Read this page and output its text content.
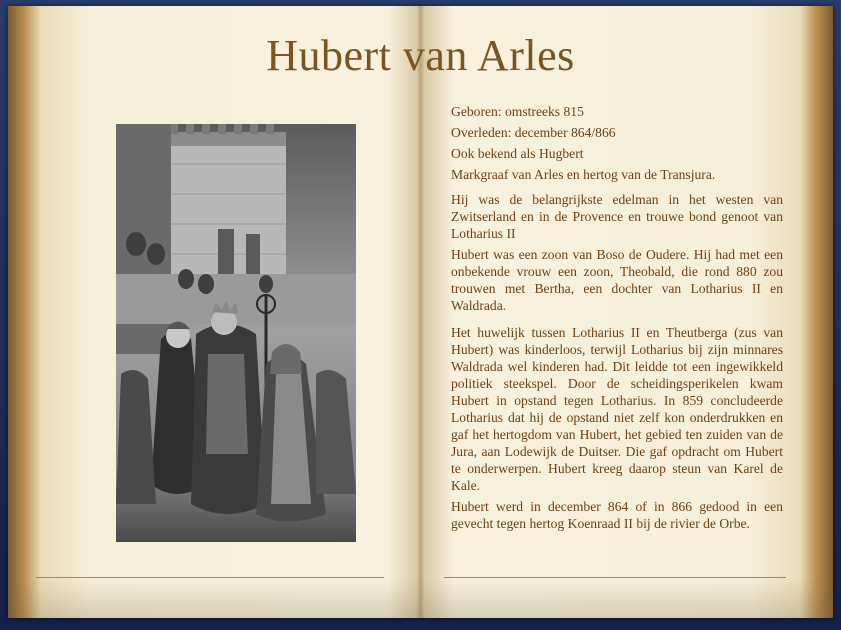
Hubert van Arles

Geboren: omstreeks 815

Overleden: december 864/866

Ook bekend als Hugbert

Markgraaf van Arles en hertog van de Transjura.

Hij was de belangrijkste edelman in het westen van Zwitserland en in de Provence en trouwe bond genoot van Lotharius II

Hubert was een zoon van Boso de Oudere. Hij had met een onbekende vrouw een zoon, Theobald, die rond 880 zou trouwen met Bertha, een dochter van Lotharius II en Waldrada.

Het huwelijk tussen Lotharius II en Theutberga (zus van Hubert) was kinderloos, terwijl Lotharius bij zijn minnares Waldrada wel kinderen had. Dit leidde tot een ingewikkeld politiek steekspel. Door de scheidingsperikelen kwam Hubert in opstand tegen Lotharius. In 859 concludeerde Lotharius dat hij de opstand niet zelf kon onderdrukken en gaf het hertogdom van Hubert, het gebied ten zuiden van de Jura, aan Lodewijk de Duitser. Die gaf opdracht om Hubert te onderwerpen. Hubert kreeg daarop steun van Karel de Kale.

Hubert werd in december 864 of in 866 gedood in een gevecht tegen hertog Koenraad II bij de rivier de Orbe.
